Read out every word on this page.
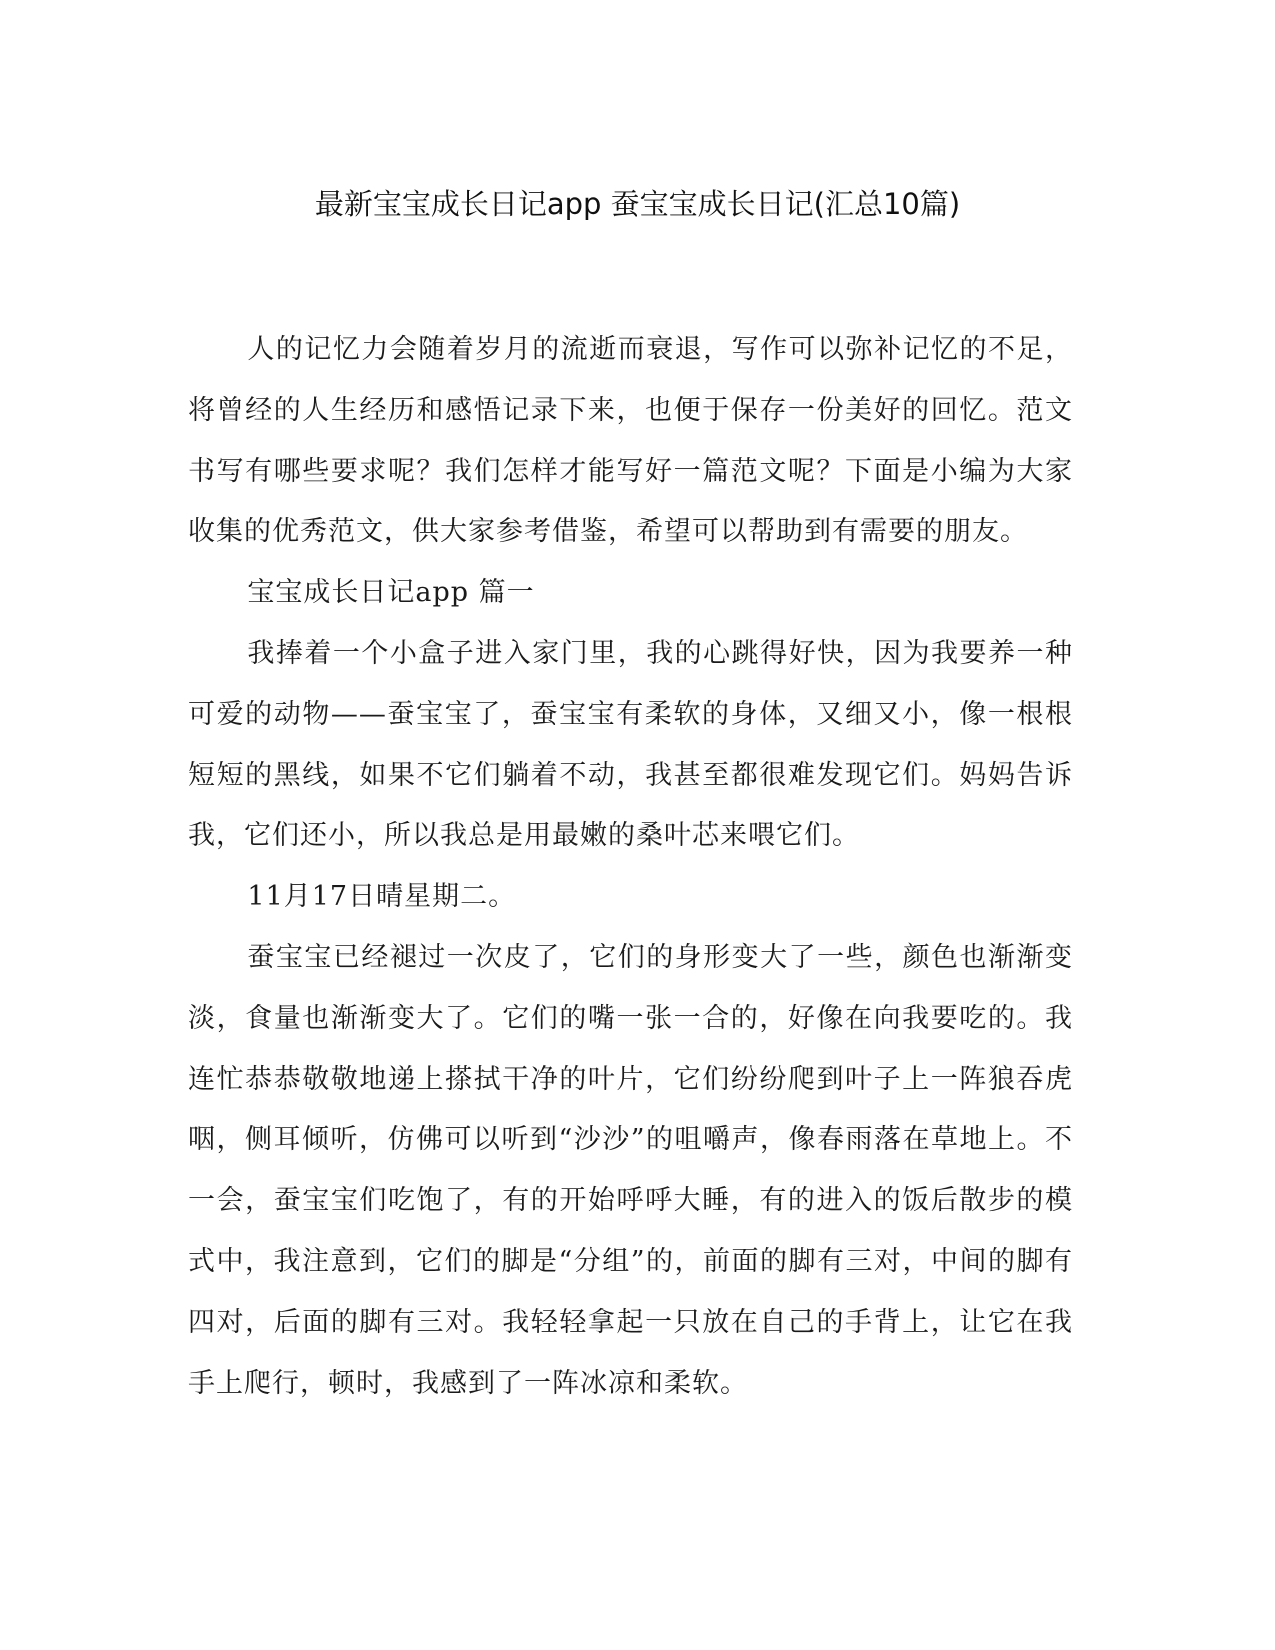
最新宝宝成长日记app 蚕宝宝成长日记(汇总10篇)

人的记忆力会随着岁月的流逝而衰退，写作可以弥补记忆的不足，将曾经的人生经历和感悟记录下来，也便于保存一份美好的回忆。范文书写有哪些要求呢？我们怎样才能写好一篇范文呢？下面是小编为大家收集的优秀范文，供大家参考借鉴，希望可以帮助到有需要的朋友。

宝宝成长日记app 篇一

我捧着一个小盒子进入家门里，我的心跳得好快，因为我要养一种可爱的动物——蚕宝宝了，蚕宝宝有柔软的身体，又细又小，像一根根短短的黑线，如果不它们躺着不动，我甚至都很难发现它们。妈妈告诉我，它们还小，所以我总是用最嫩的桑叶芯来喂它们。

11月17日晴星期二。

蚕宝宝已经褪过一次皮了，它们的身形变大了一些，颜色也渐渐变淡，食量也渐渐变大了。它们的嘴一张一合的，好像在向我要吃的。我连忙恭恭敬敬地递上搽拭干净的叶片，它们纷纷爬到叶子上一阵狼吞虎咽，侧耳倾听，仿佛可以听到“沙沙”的咀嚼声，像春雨落在草地上。不一会，蚕宝宝们吃饱了，有的开始呼呼大睡，有的进入的饭后散步的模式中，我注意到，它们的脚是“分组”的，前面的脚有三对，中间的脚有四对，后面的脚有三对。我轻轻拿起一只放在自己的手背上，让它在我手上爬行，顿时，我感到了一阵冰凉和柔软。
